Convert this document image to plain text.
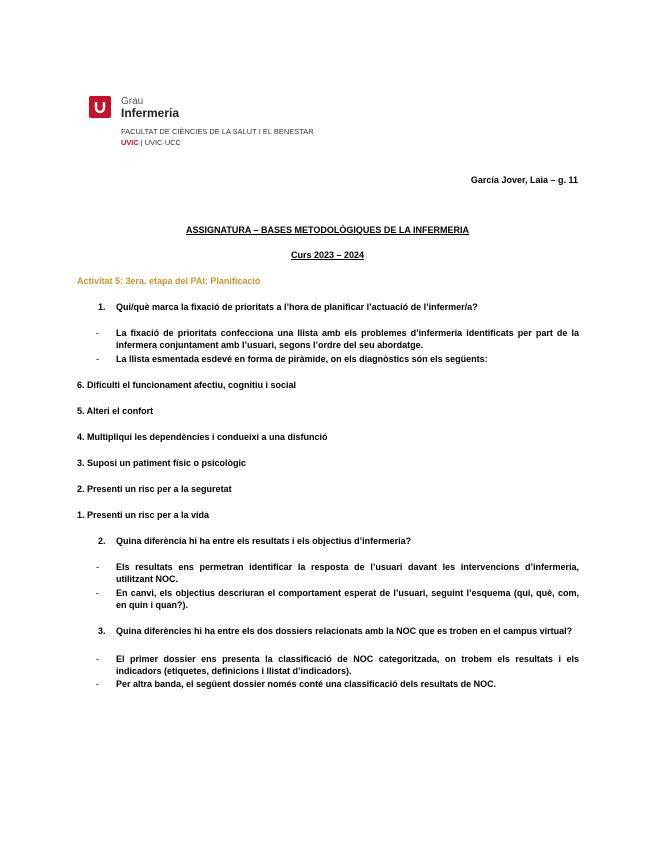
Grau
Infermeria
FACULTAT DE CIÈNCIES DE LA SALUT I EL BENESTAR
UVIC | UVIC·UCC
García Jover, Laia – g. 11
ASSIGNATURA – BASES METODOLÒGIQUES DE LA INFERMERIA
Curs 2023 – 2024
Activitat 5: 3era. etapa del PAI: Planificació
1. Qui/què marca la fixació de prioritats a l’hora de planificar l’actuació de l’infermer/a?
- La fixació de prioritats confecciona una llista amb els problemes d’infermeria identificats per part de la infermera conjuntament amb l’usuari, segons l’ordre del seu abordatge.
- La llista esmentada esdevé en forma de piràmide, on els diagnòstics són els següents:
6. Dificulti el funcionament afectiu, cognitiu i social
5. Alteri el confort
4. Multipliqui les dependències i condueixi a una disfunció
3. Suposi un patiment físic o psicològic
2. Presenti un risc per a la seguretat
1. Presenti un risc per a la vida
2. Quina diferència hi ha entre els resultats i els objectius d’infermeria?
- Els resultats ens permetran identificar la resposta de l’usuari davant les intervencions d’infermeria, utilitzant NOC.
- En canvi, els objectius descriuran el comportament esperat de l’usuari, seguint l’esquema (qui, què, com, en quin i quan?).
3. Quina diferències hi ha entre els dos dossiers relacionats amb la NOC que es troben en el campus virtual?
- El primer dossier ens presenta la classificació de NOC categoritzada, on trobem els resultats i els indicadors (etiquetes, definicions i llistat d’indicadors).
- Per altra banda, el següent dossier només conté una classificació dels resultats de NOC.
